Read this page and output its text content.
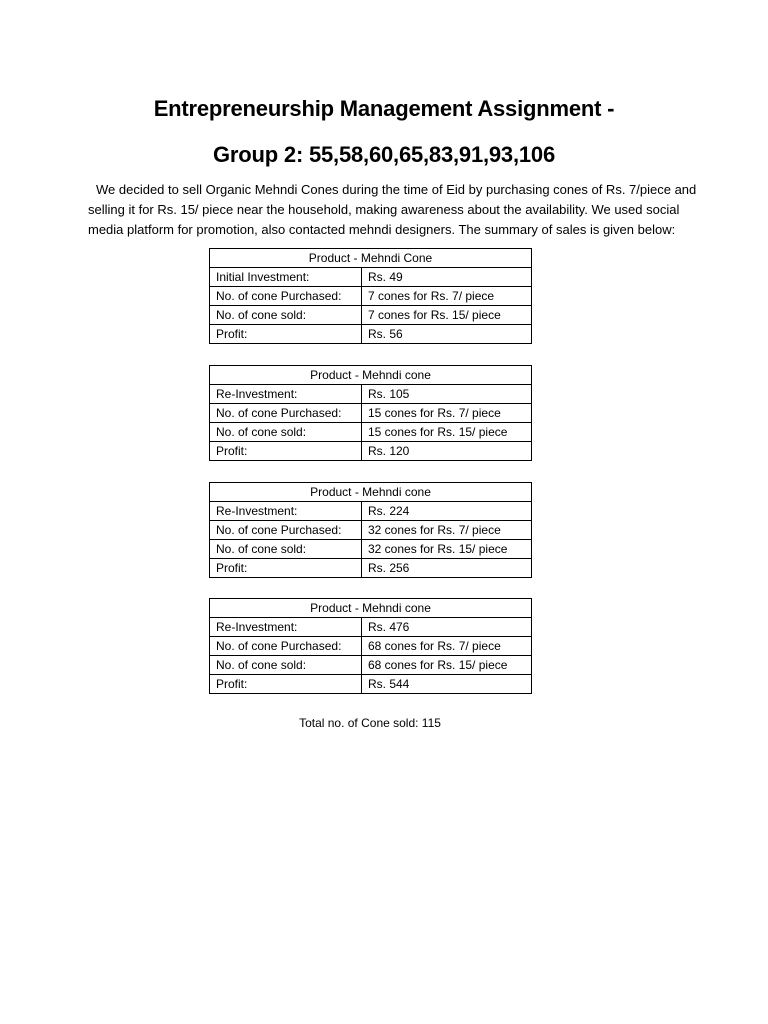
Entrepreneurship Management Assignment -
Group 2: 55,58,60,65,83,91,93,106
We decided to sell Organic Mehndi Cones during the time of Eid by purchasing cones of Rs. 7/piece and
selling it for Rs. 15/ piece near the household, making awareness about the availability. We used social
media platform for promotion, also contacted mehndi designers. The summary of sales is given below:
Product - Mehndi Cone	
Initial Investment:	Rs. 49
No. of cone Purchased:	7 cones for Rs. 7/ piece
No. of cone sold:	7 cones for Rs. 15/ piece
Profit:	Rs. 56
Product - Mehndi cone	
Re-Investment:	Rs. 105
No. of cone Purchased:	15 cones for Rs. 7/ piece
No. of cone sold:	15 cones for Rs. 15/ piece
Profit:	Rs. 120
Product - Mehndi cone	
Re-Investment:	Rs. 224
No. of cone Purchased:	32 cones for Rs. 7/ piece
No. of cone sold:	32 cones for Rs. 15/ piece
Profit:	Rs. 256
Product - Mehndi cone	
Re-Investment:	Rs. 476
No. of cone Purchased:	68 cones for Rs. 7/ piece
No. of cone sold:	68 cones for Rs. 15/ piece
Profit:	Rs. 544
Total no. of Cone sold: 115
